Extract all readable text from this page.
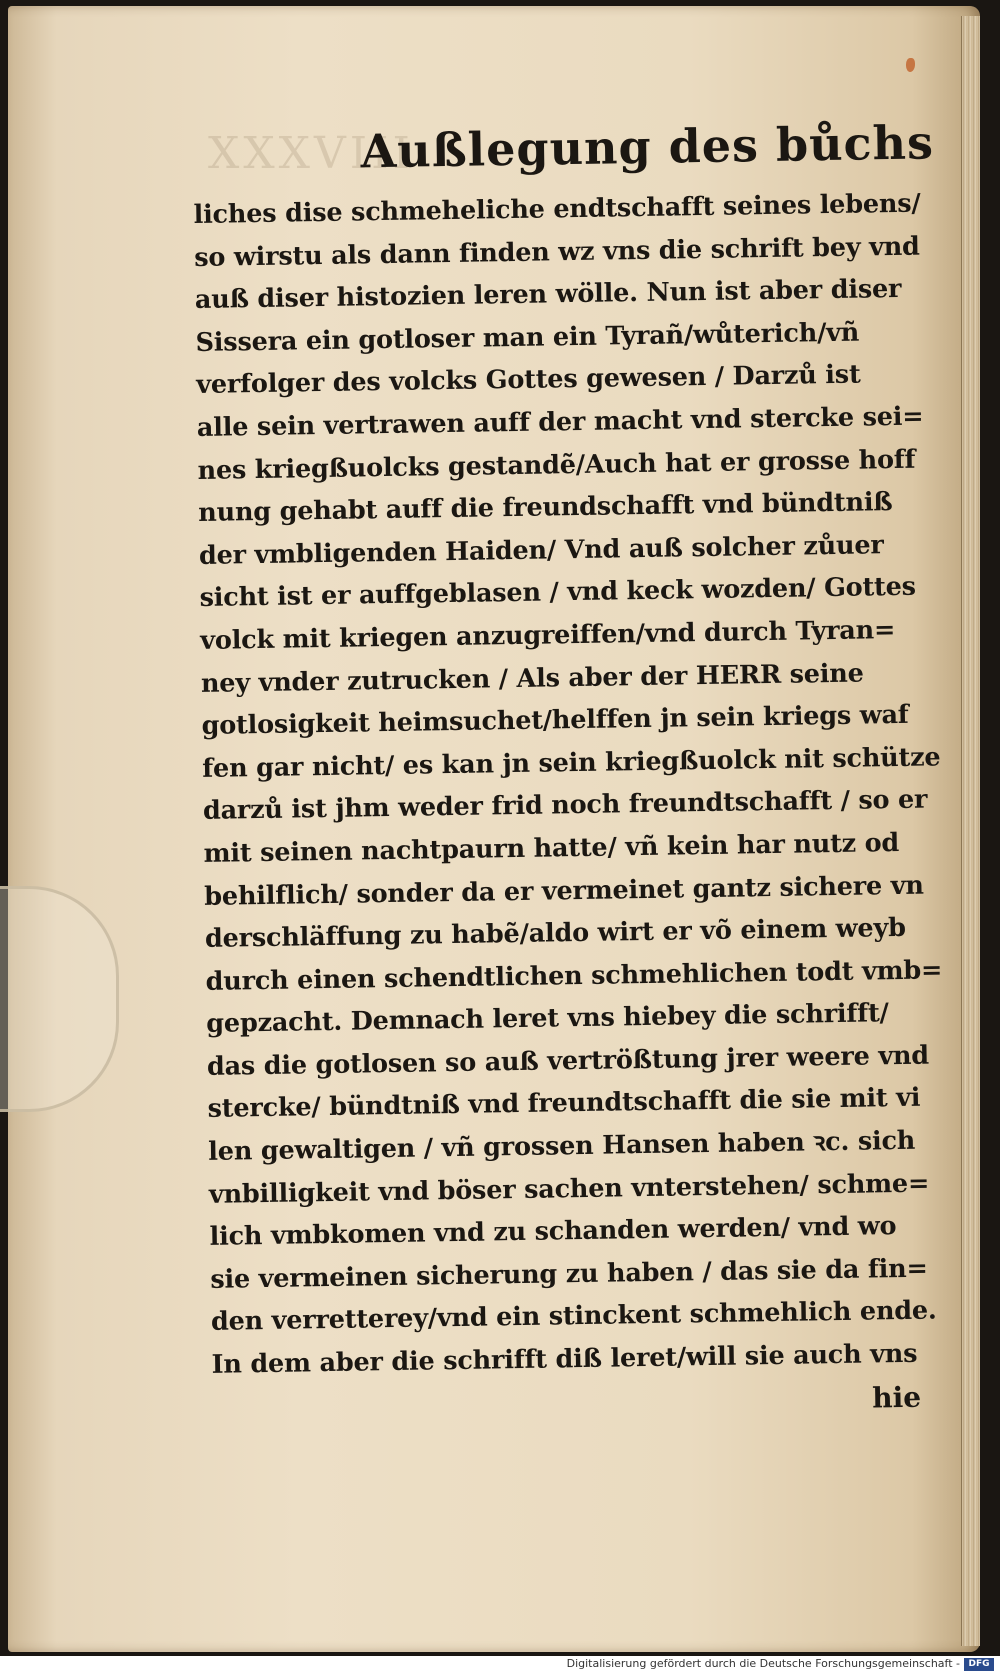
XXXVIII
Außlegung des bůchs
liches dise schmeheliche endtschafft seines lebens/
so wirstu als dann finden wz vns die schrift bey vnd
auß diser histozien leren wölle. Nun ist aber diser
Sissera ein gotloser man ein Tyrañ/wůterich/vñ
verfolger des volcks Gottes gewesen / Darzů ist
alle sein vertrawen auff der macht vnd stercke sei=
nes kriegßuolcks gestandẽ/Auch hat er grosse hoff
nung gehabt auff die freundschafft vnd bündtniß
der vmbligenden Haiden/ Vnd auß solcher zůuer
sicht ist er auffgeblasen / vnd keck wozden/ Gottes
volck mit kriegen anzugreiffen/vnd durch Tyran=
ney vnder zutrucken / Als aber der HERR seine
gotlosigkeit heimsuchet/helffen jn sein kriegs waf
fen gar nicht/ es kan jn sein kriegßuolck nit schütze
darzů ist jhm weder frid noch freundtschafft / so er
mit seinen nachtpaurn hatte/ vñ kein har nutz od
behilflich/ sonder da er vermeinet gantz sichere vn
derschläffung zu habẽ/aldo wirt er võ einem weyb
durch einen schendtlichen schmehlichen todt vmb=
gepzacht. Demnach leret vns hiebey die schrifft/
das die gotlosen so auß vertrößtung jrer weere vnd
stercke/ bündtniß vnd freundtschafft die sie mit vi
len gewaltigen / vñ grossen Hansen haben ꝛc. sich
vnbilligkeit vnd böser sachen vnterstehen/ schme=
lich vmbkomen vnd zu schanden werden/ vnd wo
sie vermeinen sicherung zu haben / das sie da fin=
den verretterey/vnd ein stinckent schmehlich ende.
In dem aber die schrifft diß leret/will sie auch vns
hie
Digitalisierung gefördert durch die Deutsche Forschungsgemeinschaft - DFG
